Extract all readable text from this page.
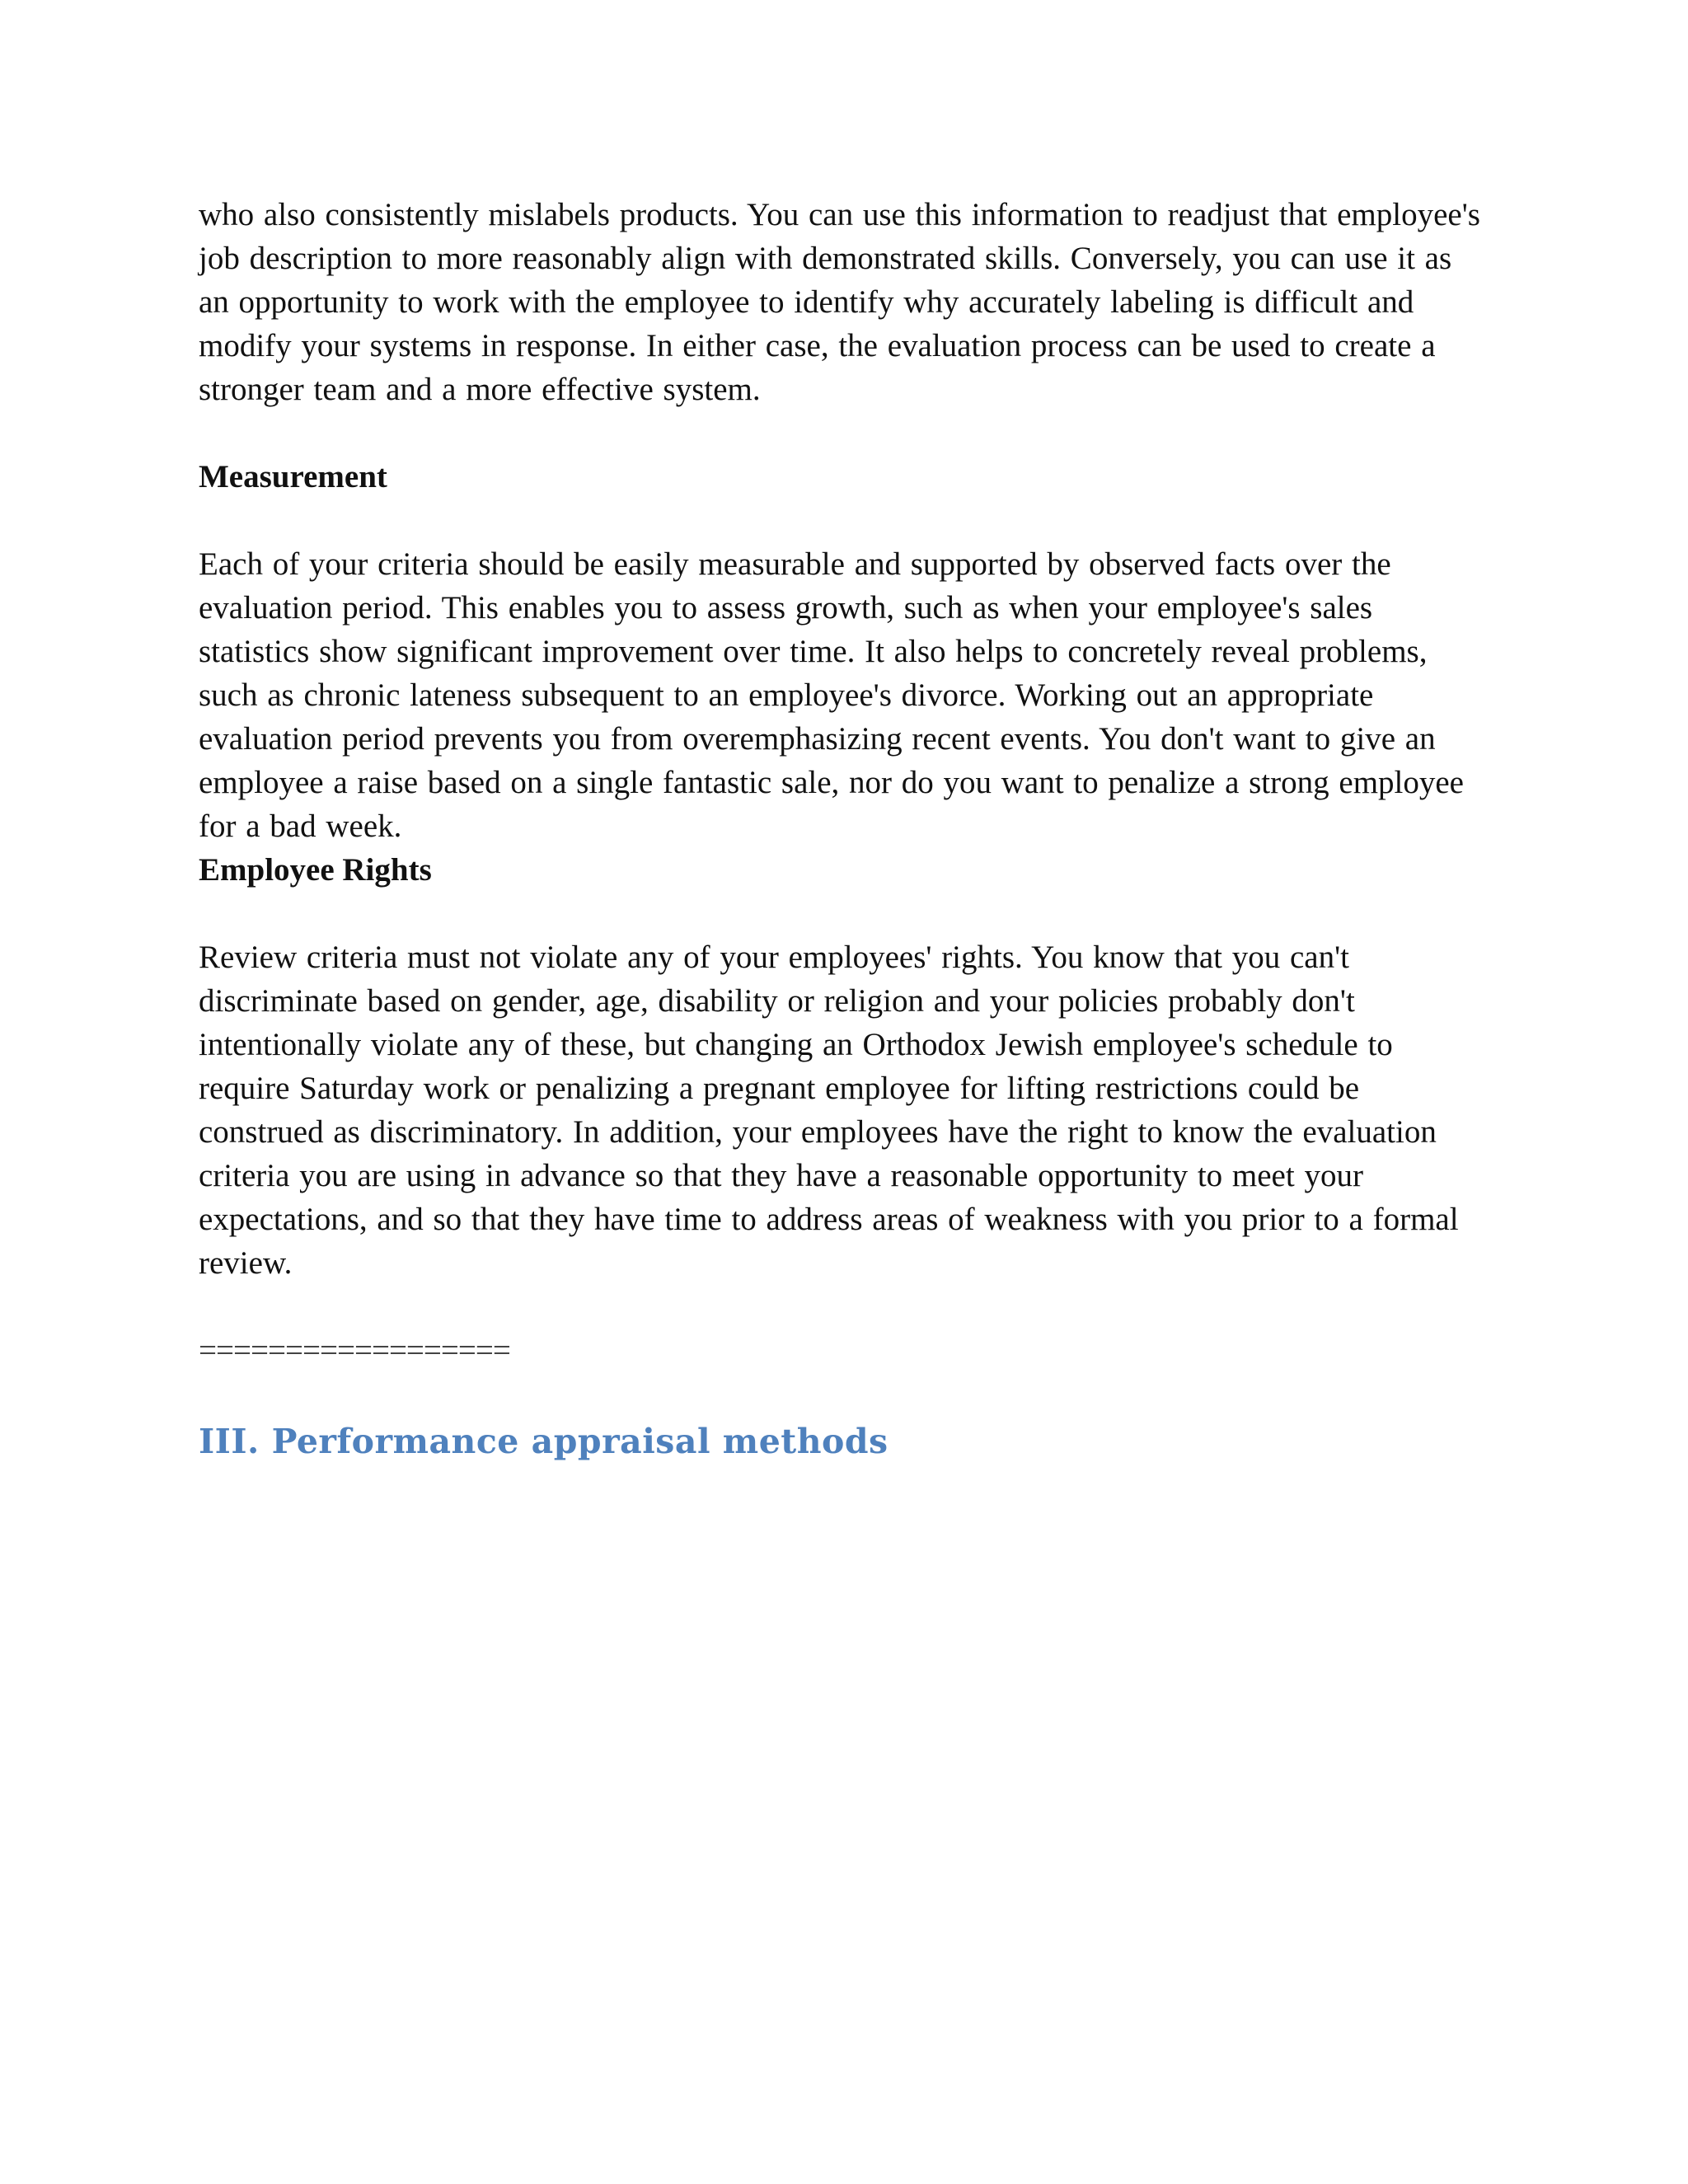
who also consistently mislabels products. You can use this information to readjust that employee's job description to more reasonably align with demonstrated skills. Conversely, you can use it as an opportunity to work with the employee to identify why accurately labeling is difficult and modify your systems in response. In either case, the evaluation process can be used to create a stronger team and a more effective system.

Measurement

Each of your criteria should be easily measurable and supported by observed facts over the evaluation period. This enables you to assess growth, such as when your employee's sales statistics show significant improvement over time. It also helps to concretely reveal problems, such as chronic lateness subsequent to an employee's divorce. Working out an appropriate evaluation period prevents you from overemphasizing recent events. You don't want to give an employee a raise based on a single fantastic sale, nor do you want to penalize a strong employee for a bad week.

Employee Rights

Review criteria must not violate any of your employees' rights. You know that you can't discriminate based on gender, age, disability or religion and your policies probably don't intentionally violate any of these, but changing an Orthodox Jewish employee's schedule to require Saturday work or penalizing a pregnant employee for lifting restrictions could be construed as discriminatory. In addition, your employees have the right to know the evaluation criteria you are using in advance so that they have a reasonable opportunity to meet your expectations, and so that they have time to address areas of weakness with you prior to a formal review.

==================

III. Performance appraisal methods
